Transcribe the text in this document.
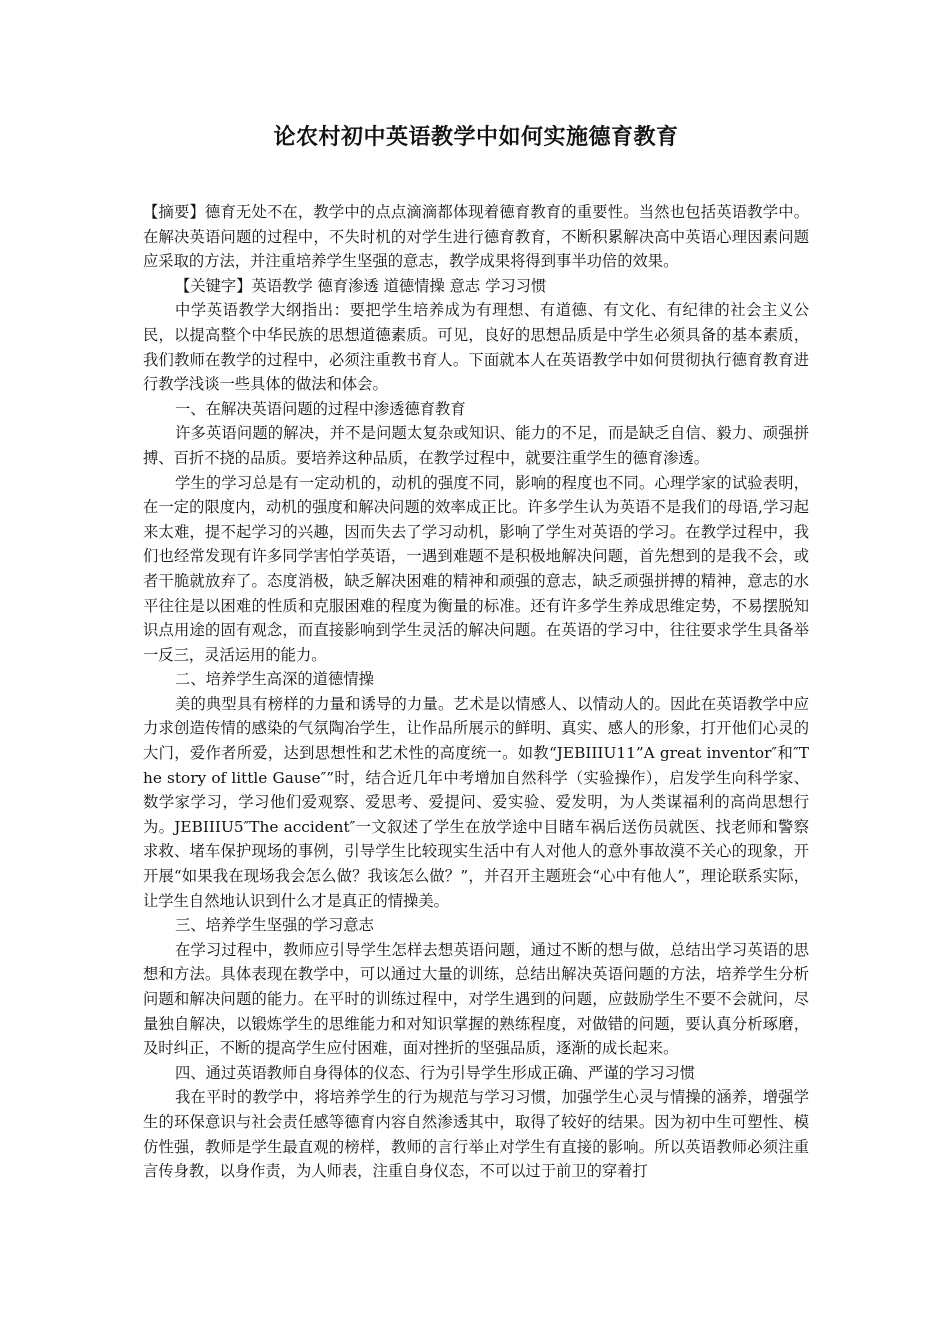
论农村初中英语教学中如何实施德育教育

【摘要】德育无处不在，教学中的点点滴滴都体现着德育教育的重要性。当然也包括英语教学中。在解决英语问题的过程中，不失时机的对学生进行德育教育，不断积累解决高中英语心理因素问题应采取的方法，并注重培养学生坚强的意志，教学成果将得到事半功倍的效果。

【关键字】英语教学 德育渗透 道德情操 意志 学习习惯

中学英语教学大纲指出：要把学生培养成为有理想、有道德、有文化、有纪律的社会主义公民，以提高整个中华民族的思想道德素质。可见，良好的思想品质是中学生必须具备的基本素质，我们教师在教学的过程中，必须注重教书育人。下面就本人在英语教学中如何贯彻执行德育教育进行教学浅谈一些具体的做法和体会。

一、在解决英语问题的过程中渗透德育教育

许多英语问题的解决，并不是问题太复杂或知识、能力的不足，而是缺乏自信、毅力、顽强拼搏、百折不挠的品质。要培养这种品质，在教学过程中，就要注重学生的德育渗透。

学生的学习总是有一定动机的，动机的强度不同，影响的程度也不同。心理学家的试验表明，在一定的限度内，动机的强度和解决问题的效率成正比。许多学生认为英语不是我们的母语,学习起来太难，提不起学习的兴趣，因而失去了学习动机，影响了学生对英语的学习。在教学过程中，我们也经常发现有许多同学害怕学英语，一遇到难题不是积极地解决问题，首先想到的是我不会，或者干脆就放弃了。态度消极，缺乏解决困难的精神和顽强的意志，缺乏顽强拼搏的精神，意志的水平往往是以困难的性质和克服困难的程度为衡量的标准。还有许多学生养成思维定势，不易摆脱知识点用途的固有观念，而直接影响到学生灵活的解决问题。在英语的学习中，往往要求学生具备举一反三，灵活运用的能力。

二、培养学生高深的道德情操

美的典型具有榜样的力量和诱导的力量。艺术是以情感人、以情动人的。因此在英语教学中应力求创造传情的感染的气氛陶冶学生，让作品所展示的鲜明、真实、感人的形象，打开他们心灵的大门，爱作者所爱，达到思想性和艺术性的高度统一。如教“JEBIIIU11”A great inventor″和″The story of little Gause″”时，结合近几年中考增加自然科学（实验操作），启发学生向科学家、数学家学习，学习他们爱观察、爱思考、爱提问、爱实验、爱发明，为人类谋福利的高尚思想行为。JEBIIIU5″The accident″一文叙述了学生在放学途中目睹车祸后送伤员就医、找老师和警察求救、堵车保护现场的事例，引导学生比较现实生活中有人对他人的意外事故漠不关心的现象，开开展“如果我在现场我会怎么做？我该怎么做？”，并召开主题班会“心中有他人”，理论联系实际，让学生自然地认识到什么才是真正的情操美。

三、培养学生坚强的学习意志

在学习过程中，教师应引导学生怎样去想英语问题，通过不断的想与做，总结出学习英语的思想和方法。具体表现在教学中，可以通过大量的训练，总结出解决英语问题的方法，培养学生分析问题和解决问题的能力。在平时的训练过程中，对学生遇到的问题，应鼓励学生不要不会就问，尽量独自解决，以锻炼学生的思维能力和对知识掌握的熟练程度，对做错的问题，要认真分析琢磨，及时纠正，不断的提高学生应付困难，面对挫折的坚强品质，逐渐的成长起来。

四、通过英语教师自身得体的仪态、行为引导学生形成正确、严谨的学习习惯

我在平时的教学中，将培养学生的行为规范与学习习惯，加强学生心灵与情操的涵养，增强学生的环保意识与社会责任感等德育内容自然渗透其中，取得了较好的结果。因为初中生可塑性、模仿性强，教师是学生最直观的榜样，教师的言行举止对学生有直接的影响。所以英语教师必须注重言传身教，以身作责，为人师表，注重自身仪态，不可以过于前卫的穿着打
